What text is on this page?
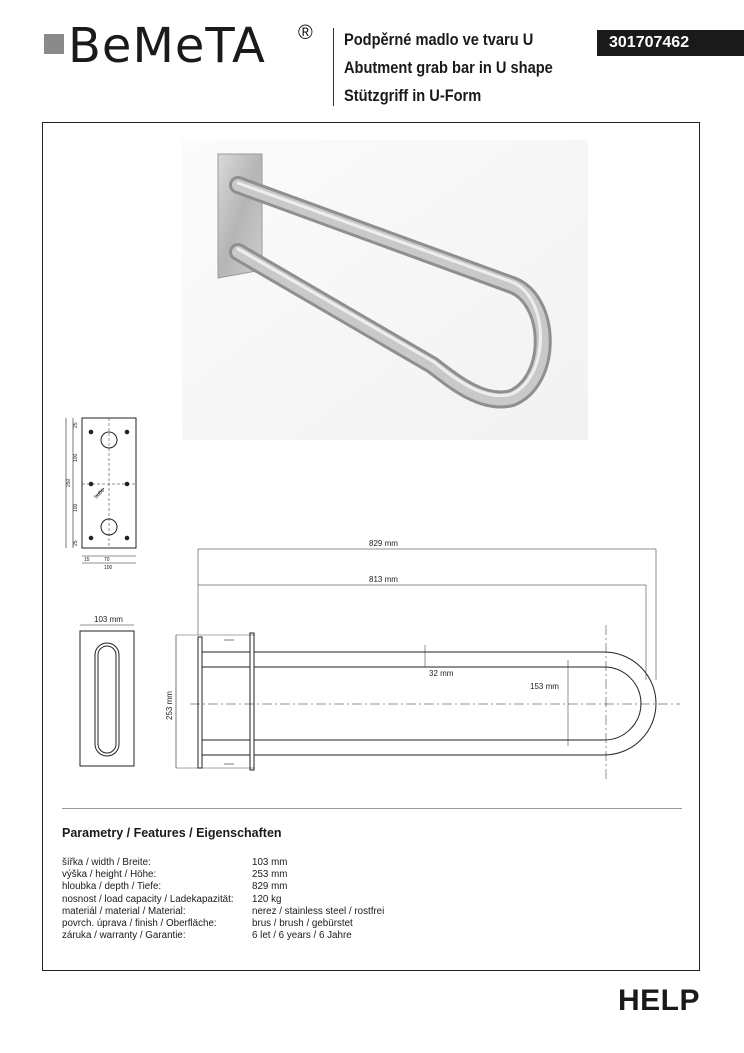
BeMeTA ® Podpěrné madlo ve tvaru U
Abutment grab bar in U shape
Stützgriff in U-Form
301707462
25
100
250
100
25
15	70
100
5xØ6
103 mm
829 mm
813 mm
32 mm
153 mm
253 mm
Parametry / Features / Eigenschaften
šířka / width / Breite:	103 mm
výška / height / Höhe:	253 mm
hloubka / depth / Tiefe:	829 mm
nosnost / load capacity / Ladekapazität:	120 kg
materiál / material / Material:	nerez / stainless steel / rostfrei
povrch. úprava / finish / Oberfläche:	brus / brush / gebürstet
záruka / warranty / Garantie:	6 let / 6 years / 6 Jahre
HELP
